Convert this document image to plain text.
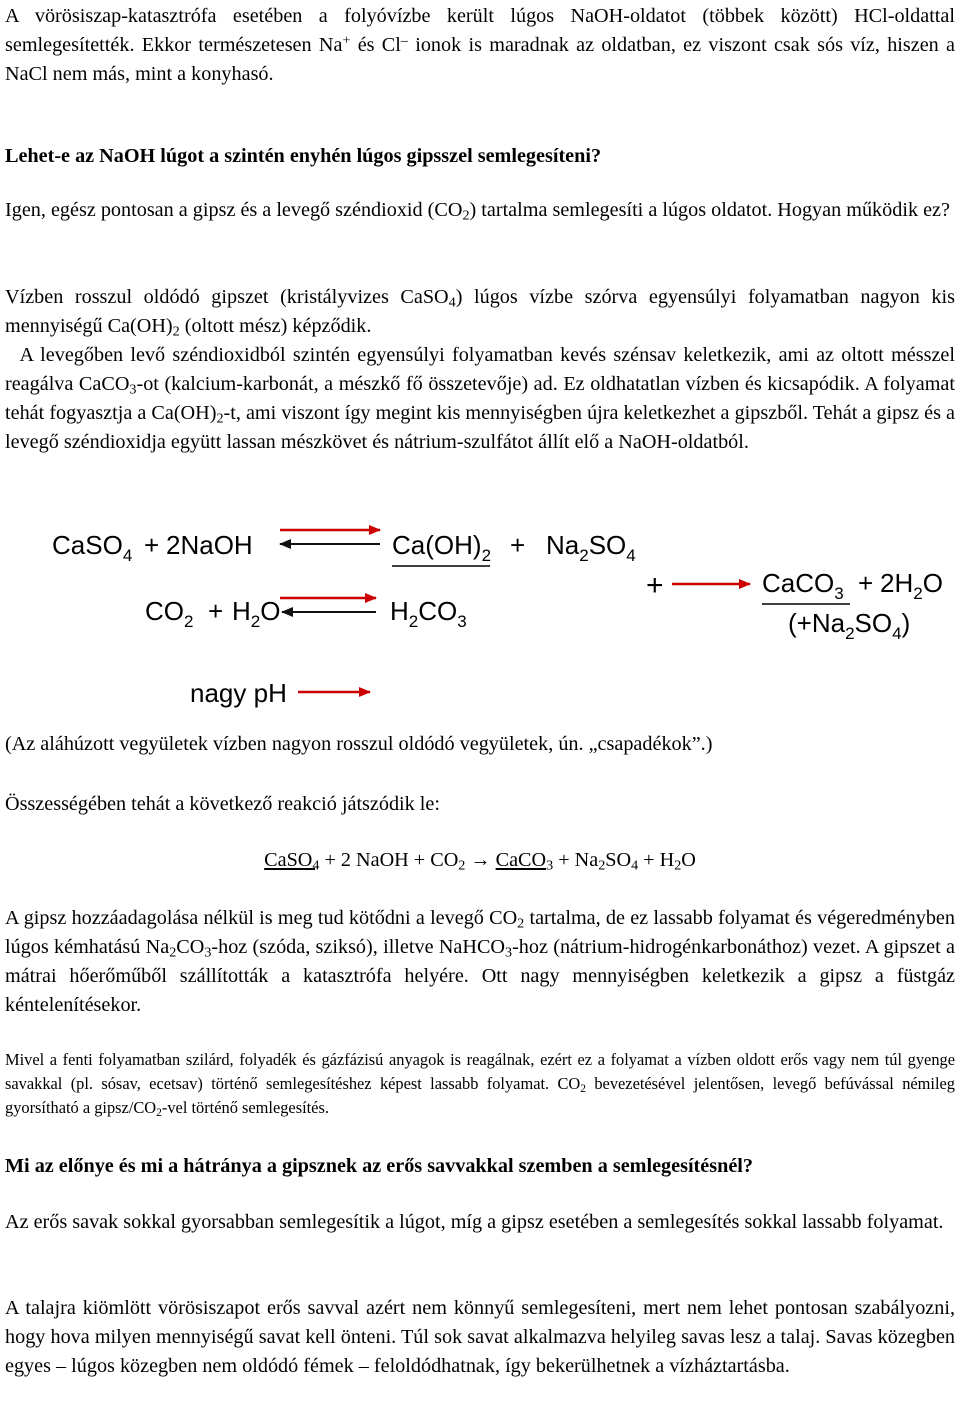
A vörösiszap-katasztrófa esetében a folyóvízbe került lúgos NaOH-oldatot (többek között) HCl-oldattal semlegesítették. Ekkor természetesen Na+ és Cl– ionok is maradnak az oldatban, ez viszont csak sós víz, hiszen a NaCl nem más, mint a konyhasó.

Lehet-e az NaOH lúgot a szintén enyhén lúgos gipsszel semlegesíteni?

Igen, egész pontosan a gipsz és a levegő széndioxid $(CO_2)$ tartalma semlegesíti a lúgos oldatot. Hogyan működik ez?

Vízben rosszul oldódó gipszet (kristályvizes CaSO$_4$) lúgos vízbe szórva egyensúlyi folyamatban nagyon kis mennyiségű $Ca(OH)_2$ (oltott mész) képződik.
A levegőben levő széndioxidból szintén egyensúlyi folyamatban kevés szénsav keletkezik, ami az oltott mésszel reagálva CaCO$_3$-ot (kalcium-karbonát, a mészkő fő összetevője) ad. Ez oldhatatlan vízben és kicsapódik. A folyamat tehát fogyasztja a $Ca(OH)_2-t$, ami viszont így megint kis mennyiségben újra keletkezhet a gipszből. Tehát a gipsz és a levegő széndioxidja együtt lassan mészkövet és nátrium-szulfátot állít elő a NaOH-oldatból.

CaSO$_4$ + 2NaOH	$Ca(OH)_2 + Na_2SO_4$
$CO_2 + H_2O$	$H_2CO_3$
+	CaCO$_3$ + $2H_2O$
$(+Na_2SO_4)$
nagy pH

(Az aláhúzott vegyületek vízben nagyon rosszul oldódó vegyületek, ún. „csapadékok”.)

Összességében tehát a következő reakció játszódik le:

CaSO$_4$ + 2 NaOH + $CO_2$ → CaCO$_3$ + $Na_2SO_4 + H_2O$

A gipsz hozzáadagolása nélkül is meg tud kötődni a levegő $CO_2$ tartalma, de ez lassabb folyamat és végeredményben lúgos kémhatású $Na_2CO_3$-hoz (szóda, sziksó), illetve NaHCO$_3$-hoz (nátrium-hidrogénkarbonáthoz) vezet. A gipszet a mátrai hőerőműből szállították a katasztrófa helyére. Ott nagy mennyiségben keletkezik a gipsz a füstgáz kéntelenítésekor.

Mivel a fenti folyamatban szilárd, folyadék és gázfázisú anyagok is reagálnak, ezért ez a folyamat a vízben oldott erős vagy nem túl gyenge savakkal (pl. sósav, ecetsav) történő semlegesítéshez képest lassabb folyamat. $CO_2$ bevezetésével jelentősen, levegő befúvással némileg gyorsítható a gipsz/$CO_2$-vel történő semlegesítés.

Mi az előnye és mi a hátránya a gipsznek az erős savvakkal szemben a semlegesítésnél?

Az erős savak sokkal gyorsabban semlegesítik a lúgot, míg a gipsz esetében a semlegesítés sokkal lassabb folyamat.

A talajra kiömlött vörösiszapot erős savval azért nem könnyű semlegesíteni, mert nem lehet pontosan szabályozni, hogy hova milyen mennyiségű savat kell önteni. Túl sok savat alkalmazva helyileg savas lesz a talaj. Savas közegben egyes – lúgos közegben nem oldódó fémek – feloldódhatnak, így bekerülhetnek a vízháztartásba.
